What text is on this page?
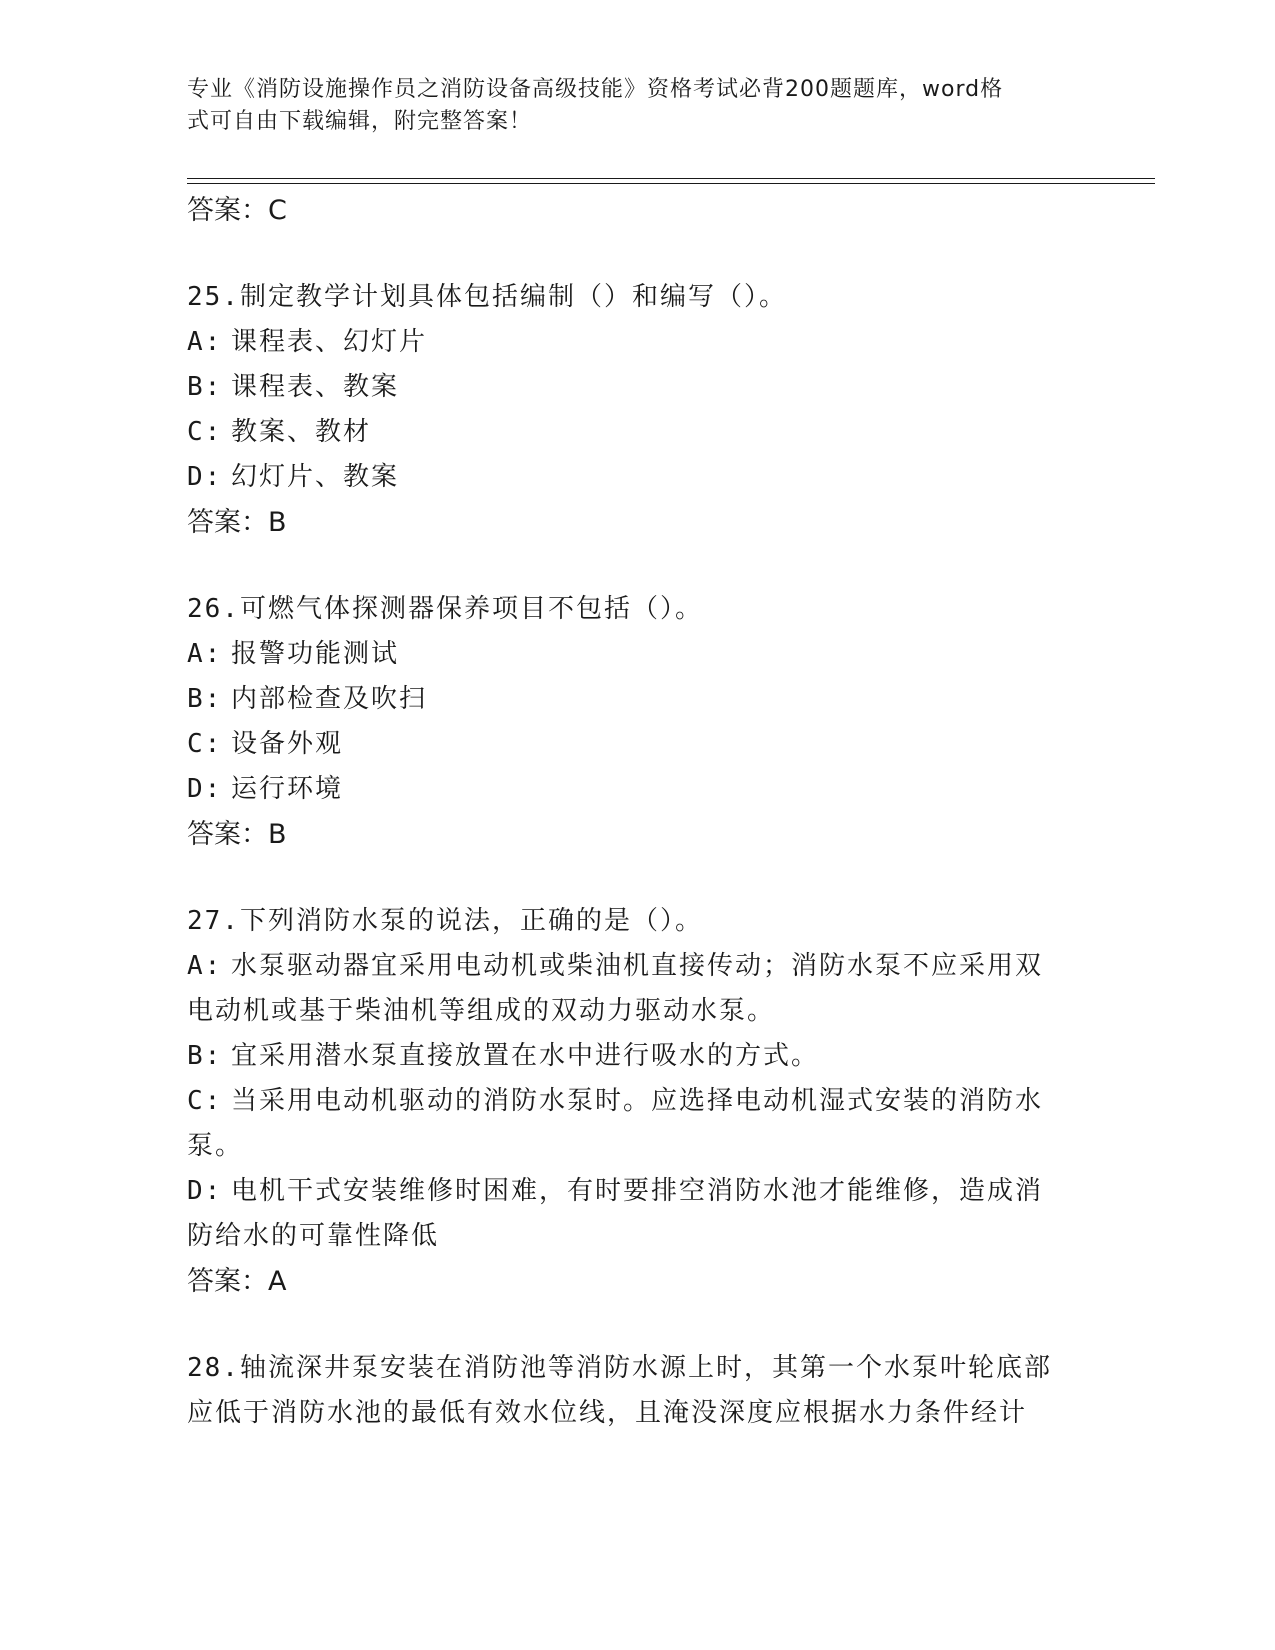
专业《消防设施操作员之消防设备高级技能》资格考试必背200题题库，word格
式可自由下载编辑，附完整答案！
答案：C
25.制定教学计划具体包括编制（）和编写（）。
A: 课程表、幻灯片
B: 课程表、教案
C: 教案、教材
D: 幻灯片、教案
答案：B
26.可燃气体探测器保养项目不包括（）。
A: 报警功能测试
B: 内部检查及吹扫
C: 设备外观
D: 运行环境
答案：B
27.下列消防水泵的说法，正确的是（）。
A: 水泵驱动器宜采用电动机或柴油机直接传动；消防水泵不应采用双
电动机或基于柴油机等组成的双动力驱动水泵。
B: 宜采用潜水泵直接放置在水中进行吸水的方式。
C: 当采用电动机驱动的消防水泵时。应选择电动机湿式安装的消防水
泵。
D: 电机干式安装维修时困难，有时要排空消防水池才能维修，造成消
防给水的可靠性降低
答案：A
28.轴流深井泵安装在消防池等消防水源上时，其第一个水泵叶轮底部
应低于消防水池的最低有效水位线，且淹没深度应根据水力条件经计
